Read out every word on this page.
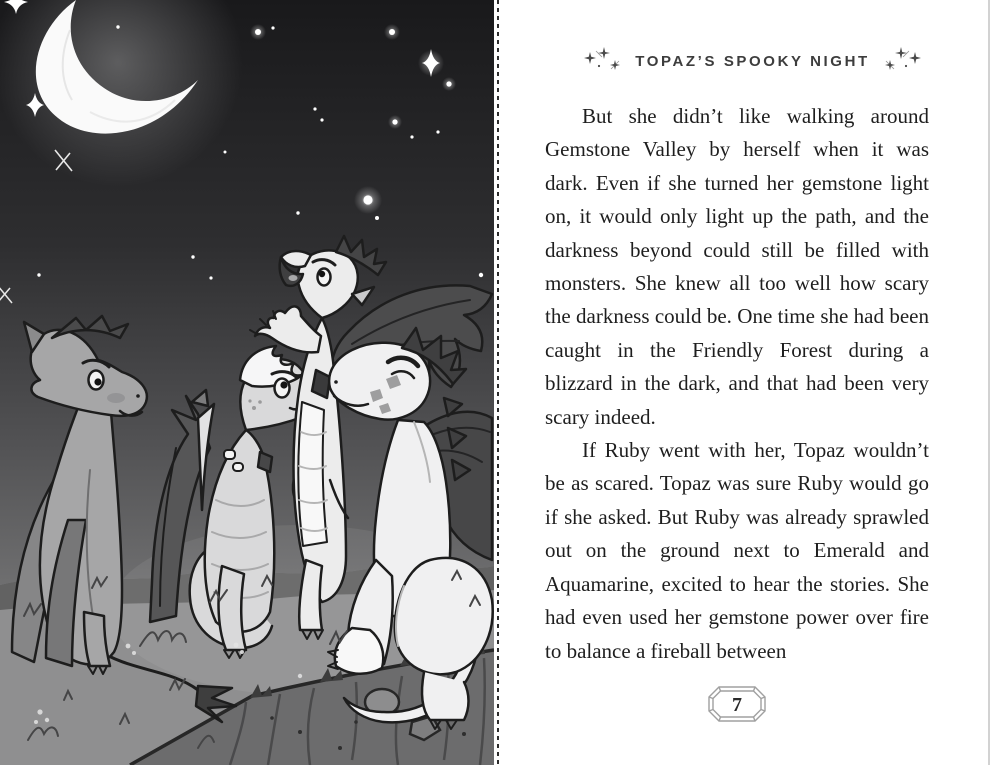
TOPAZ’S SPOOKY NIGHT

But she didn’t like walking around Gemstone Valley by herself when it was dark. Even if she turned her gemstone light on, it would only light up the path, and the darkness beyond could still be filled with monsters. She knew all too well how scary the darkness could be. One time she had been caught in the Friendly Forest during a blizzard in the dark, and that had been very scary indeed.

If Ruby went with her, Topaz wouldn’t be as scared. Topaz was sure Ruby would go if she asked. But Ruby was already sprawled out on the ground next to Emerald and Aquamarine, excited to hear the stories. She had even used her gemstone power over fire to balance a fireball between

7
